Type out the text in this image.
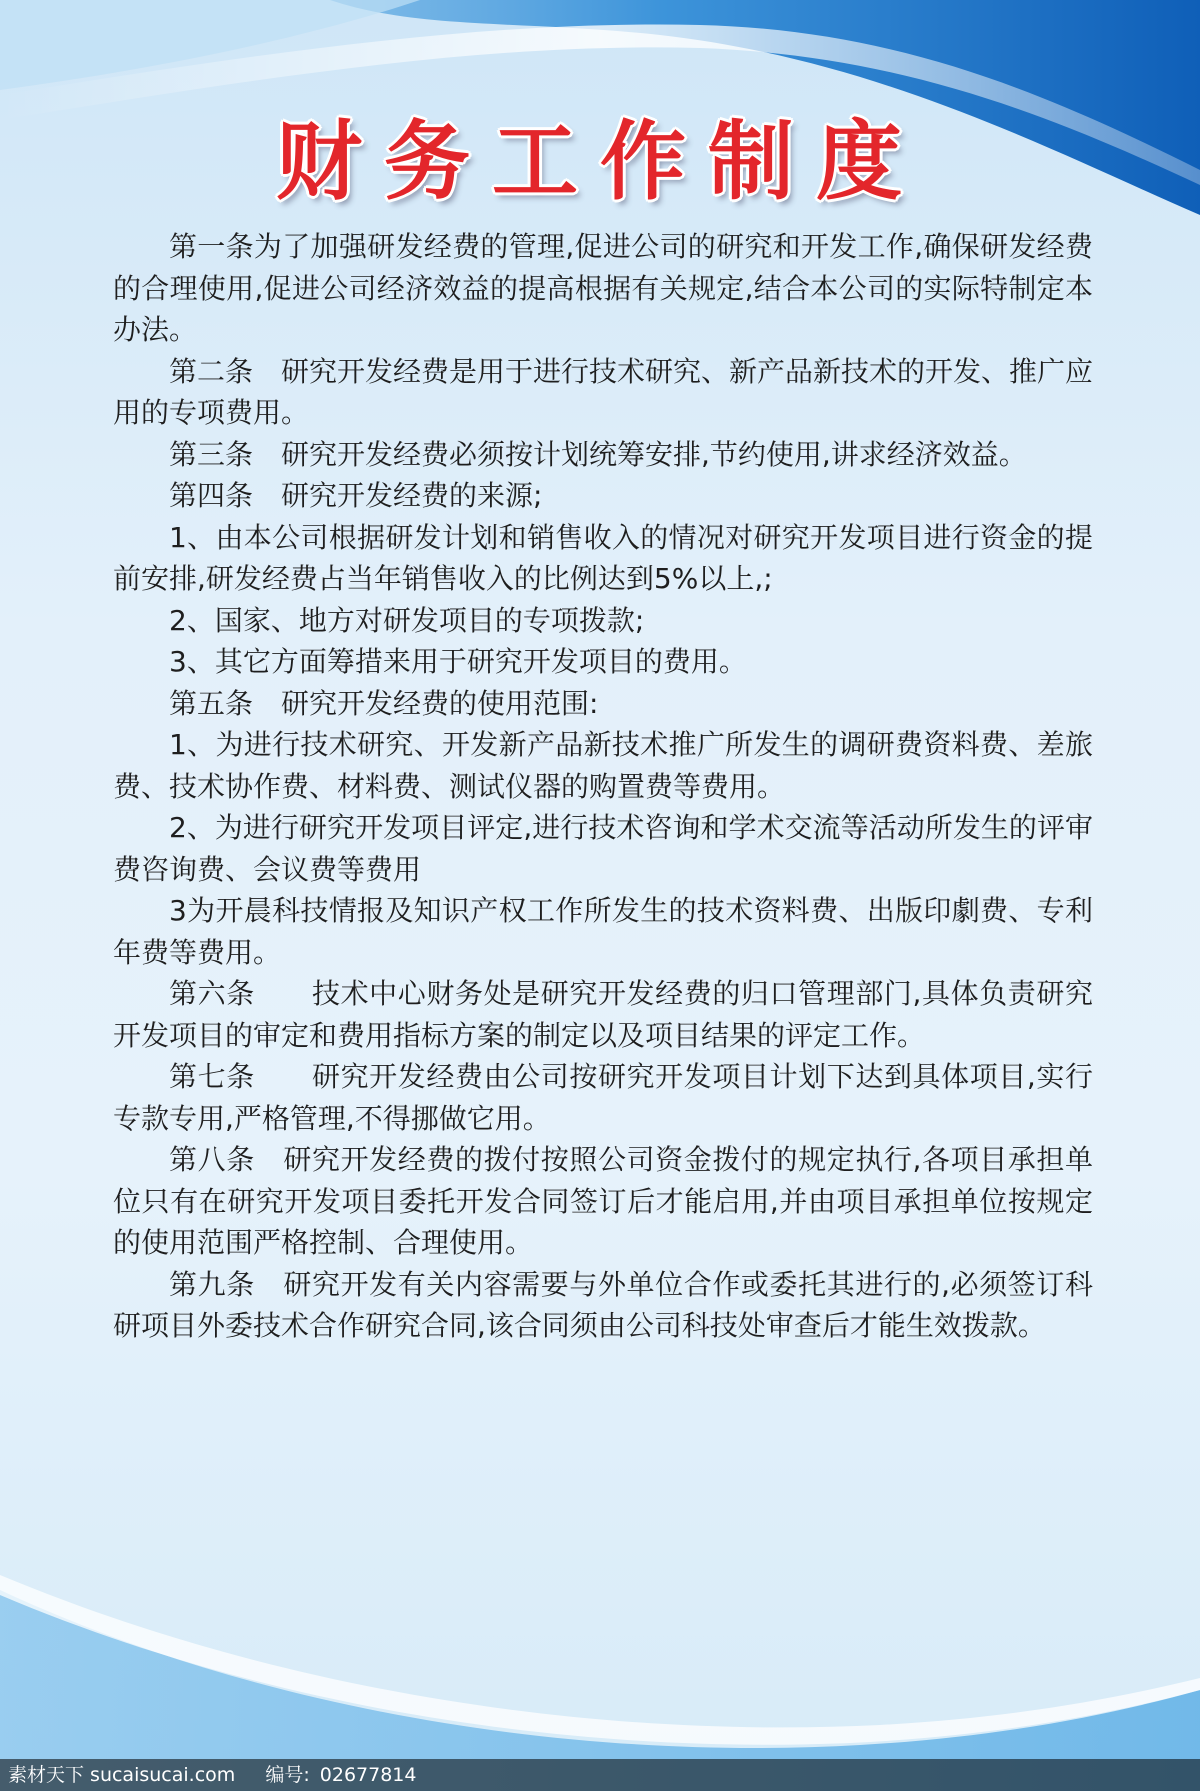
财务工作制度

第一条为了加强研发经费的管理,促进公司的研究和开发工作,确保研发经费的合理使用,促进公司经济效益的提高根据有关规定,结合本公司的实际特制定本办法。

第二条　研究开发经费是用于进行技术研究、新产品新技术的开发、推广应用的专项费用。

第三条　研究开发经费必须按计划统筹安排,节约使用,讲求经济效益。

第四条　研究开发经费的来源;

1、由本公司根据研发计划和销售收入的情况对研究开发项目进行资金的提前安排,研发经费占当年销售收入的比例达到5%以上,;

2、国家、地方对研发项目的专项拨款;

3、其它方面筹措来用于研究开发项目的费用。

第五条　研究开发经费的使用范围:

1、为进行技术研究、开发新产品新技术推广所发生的调研费资料费、差旅费、技术协作费、材料费、测试仪器的购置费等费用。

2、为进行研究开发项目评定,进行技术咨询和学术交流等活动所发生的评审费咨询费、会议费等费用

3为开晨科技情报及知识产权工作所发生的技术资料费、出版印劇费、专利年费等费用。

第六条　　技术中心财务处是研究开发经费的归口管理部门,具体负责研究开发项目的审定和费用指标方案的制定以及项目结果的评定工作。

第七条　　研究开发经费由公司按研究开发项目计划下达到具体项目,实行专款专用,严格管理,不得挪做它用。

第八条　研究开发经费的拨付按照公司资金拨付的规定执行,各项目承担单位只有在研究开发项目委托开发合同签订后才能启用,并由项目承担单位按规定的使用范围严格控制、合理使用。

第九条　研究开发有关内容需要与外单位合作或委托其进行的,必须签订科研项目外委技术合作研究合同,该合同须由公司科技处审查后才能生效拨款。

素材天下 sucaisucai.com 编号: 02677814
